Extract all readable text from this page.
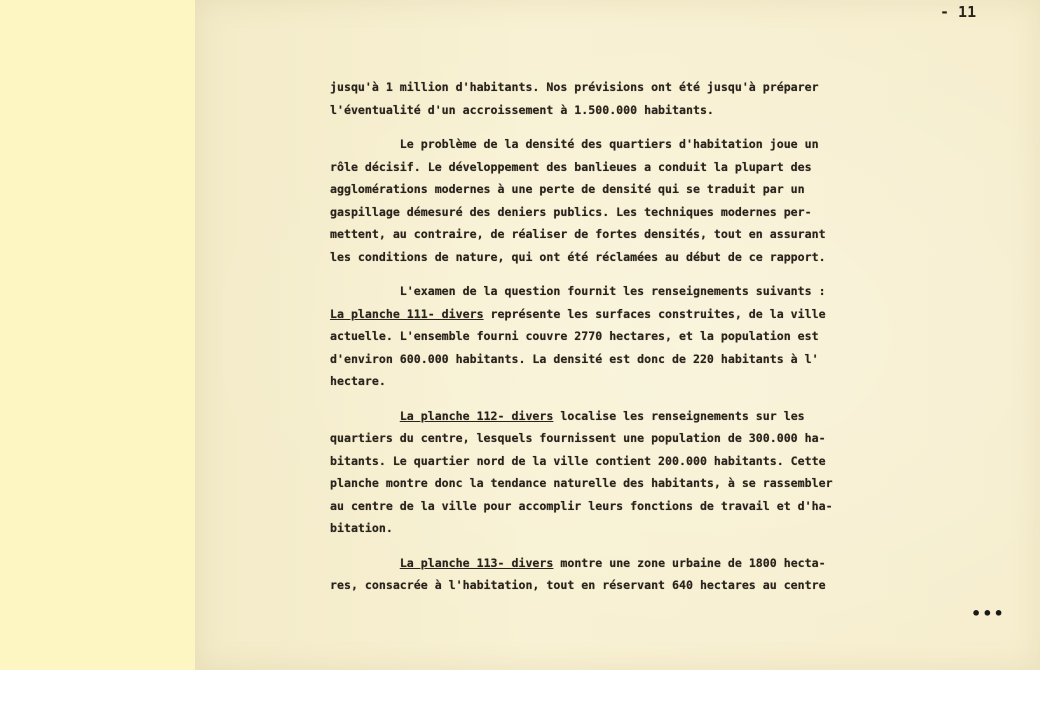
- 11
jusqu'à 1 million d'habitants. Nos prévisions ont été jusqu'à préparer
l'éventualité d'un accroissement à 1.500.000 habitants.
Le problème de la densité des quartiers d'habitation joue un
rôle décisif. Le développement des banlieues a conduit la plupart des
agglomérations modernes à une perte de densité qui se traduit par un
gaspillage démesuré des deniers publics. Les techniques modernes per-
mettent, au contraire, de réaliser de fortes densités, tout en assurant
les conditions de nature, qui ont été réclamées au début de ce rapport.
L'examen de la question fournit les renseignements suivants :
La planche 111- divers représente les surfaces construites, de la ville
actuelle. L'ensemble fourni couvre 2770 hectares, et la population est
d'environ 600.000 habitants. La densité est donc de 220 habitants à l'
hectare.
La planche 112- divers localise les renseignements sur les
quartiers du centre, lesquels fournissent une population de 300.000 ha-
bitants. Le quartier nord de la ville contient 200.000 habitants. Cette
planche montre donc la tendance naturelle des habitants, à se rassembler
au centre de la ville pour accomplir leurs fonctions de travail et d'ha-
bitation.
La planche 113- divers montre une zone urbaine de 1800 hecta-
res, consacrée à l'habitation, tout en réservant 640 hectares au centre
•••
